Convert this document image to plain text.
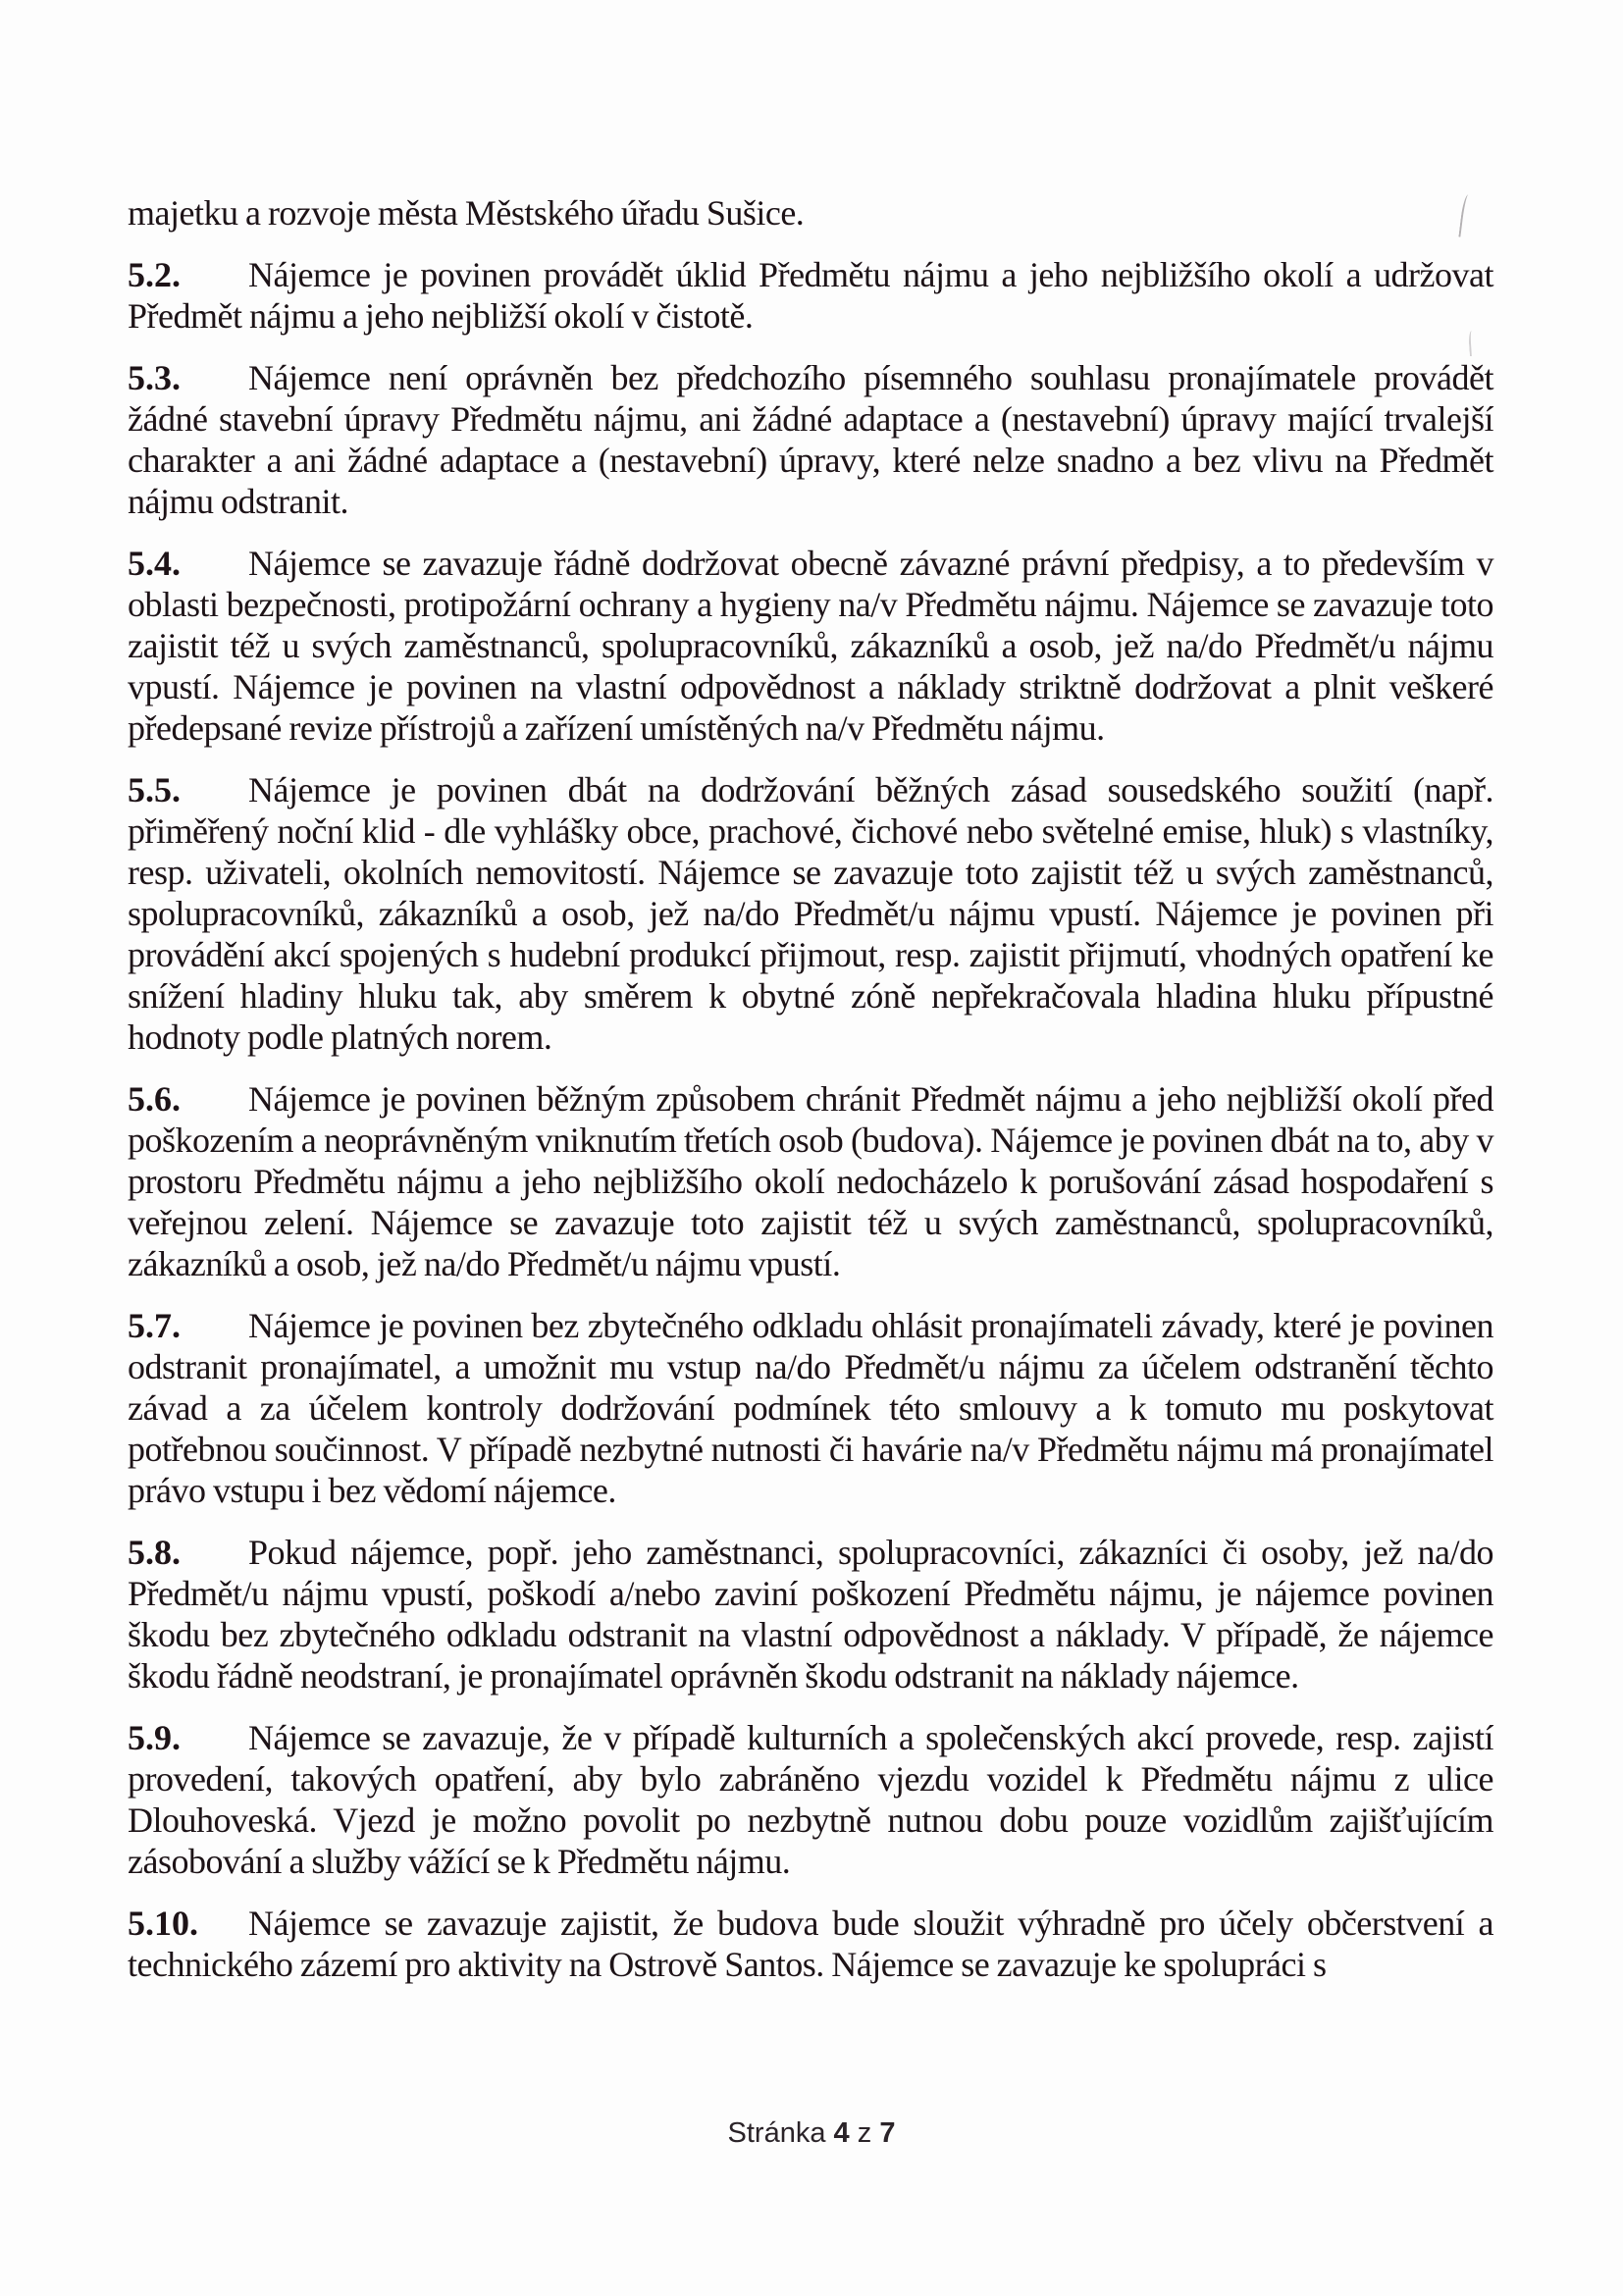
majetku a rozvoje města Městského úřadu Sušice.

5.2. Nájemce je povinen provádět úklid Předmětu nájmu a jeho nejbližšího okolí a udržovat Předmět nájmu a jeho nejbližší okolí v čistotě.

5.3. Nájemce není oprávněn bez předchozího písemného souhlasu pronajímatele provádět žádné stavební úpravy Předmětu nájmu, ani žádné adaptace a (nestavební) úpravy mající trvalejší charakter a ani žádné adaptace a (nestavební) úpravy, které nelze snadno a bez vlivu na Předmět nájmu odstranit.

5.4. Nájemce se zavazuje řádně dodržovat obecně závazné právní předpisy, a to především v oblasti bezpečnosti, protipožární ochrany a hygieny na/v Předmětu nájmu. Nájemce se zavazuje toto zajistit též u svých zaměstnanců, spolupracovníků, zákazníků a osob, jež na/do Předmět/u nájmu vpustí. Nájemce je povinen na vlastní odpovědnost a náklady striktně dodržovat a plnit veškeré předepsané revize přístrojů a zařízení umístěných na/v Předmětu nájmu.

5.5. Nájemce je povinen dbát na dodržování běžných zásad sousedského soužití (např. přiměřený noční klid - dle vyhlášky obce, prachové, čichové nebo světelné emise, hluk) s vlastníky, resp. uživateli, okolních nemovitostí. Nájemce se zavazuje toto zajistit též u svých zaměstnanců, spolupracovníků, zákazníků a osob, jež na/do Předmět/u nájmu vpustí. Nájemce je povinen při provádění akcí spojených s hudební produkcí přijmout, resp. zajistit přijmutí, vhodných opatření ke snížení hladiny hluku tak, aby směrem k obytné zóně nepřekračovala hladina hluku přípustné hodnoty podle platných norem.

5.6. Nájemce je povinen běžným způsobem chránit Předmět nájmu a jeho nejbližší okolí před poškozením a neoprávněným vniknutím třetích osob (budova). Nájemce je povinen dbát na to, aby v prostoru Předmětu nájmu a jeho nejbližšího okolí nedocházelo k porušování zásad hospodaření s veřejnou zelení. Nájemce se zavazuje toto zajistit též u svých zaměstnanců, spolupracovníků, zákazníků a osob, jež na/do Předmět/u nájmu vpustí.

5.7. Nájemce je povinen bez zbytečného odkladu ohlásit pronajímateli závady, které je povinen odstranit pronajímatel, a umožnit mu vstup na/do Předmět/u nájmu za účelem odstranění těchto závad a za účelem kontroly dodržování podmínek této smlouvy a k tomuto mu poskytovat potřebnou součinnost. V případě nezbytné nutnosti či havárie na/v Předmětu nájmu má pronajímatel právo vstupu i bez vědomí nájemce.

5.8. Pokud nájemce, popř. jeho zaměstnanci, spolupracovníci, zákazníci či osoby, jež na/do Předmět/u nájmu vpustí, poškodí a/nebo zaviní poškození Předmětu nájmu, je nájemce povinen škodu bez zbytečného odkladu odstranit na vlastní odpovědnost a náklady. V případě, že nájemce škodu řádně neodstraní, je pronajímatel oprávněn škodu odstranit na náklady nájemce.

5.9. Nájemce se zavazuje, že v případě kulturních a společenských akcí provede, resp. zajistí provedení, takových opatření, aby bylo zabráněno vjezdu vozidel k Předmětu nájmu z ulice Dlouhoveská. Vjezd je možno povolit po nezbytně nutnou dobu pouze vozidlům zajišťujícím zásobování a služby vážící se k Předmětu nájmu.

5.10. Nájemce se zavazuje zajistit, že budova bude sloužit výhradně pro účely občerstvení a technického zázemí pro aktivity na Ostrově Santos. Nájemce se zavazuje ke spolupráci s

Stránka 4 z 7
